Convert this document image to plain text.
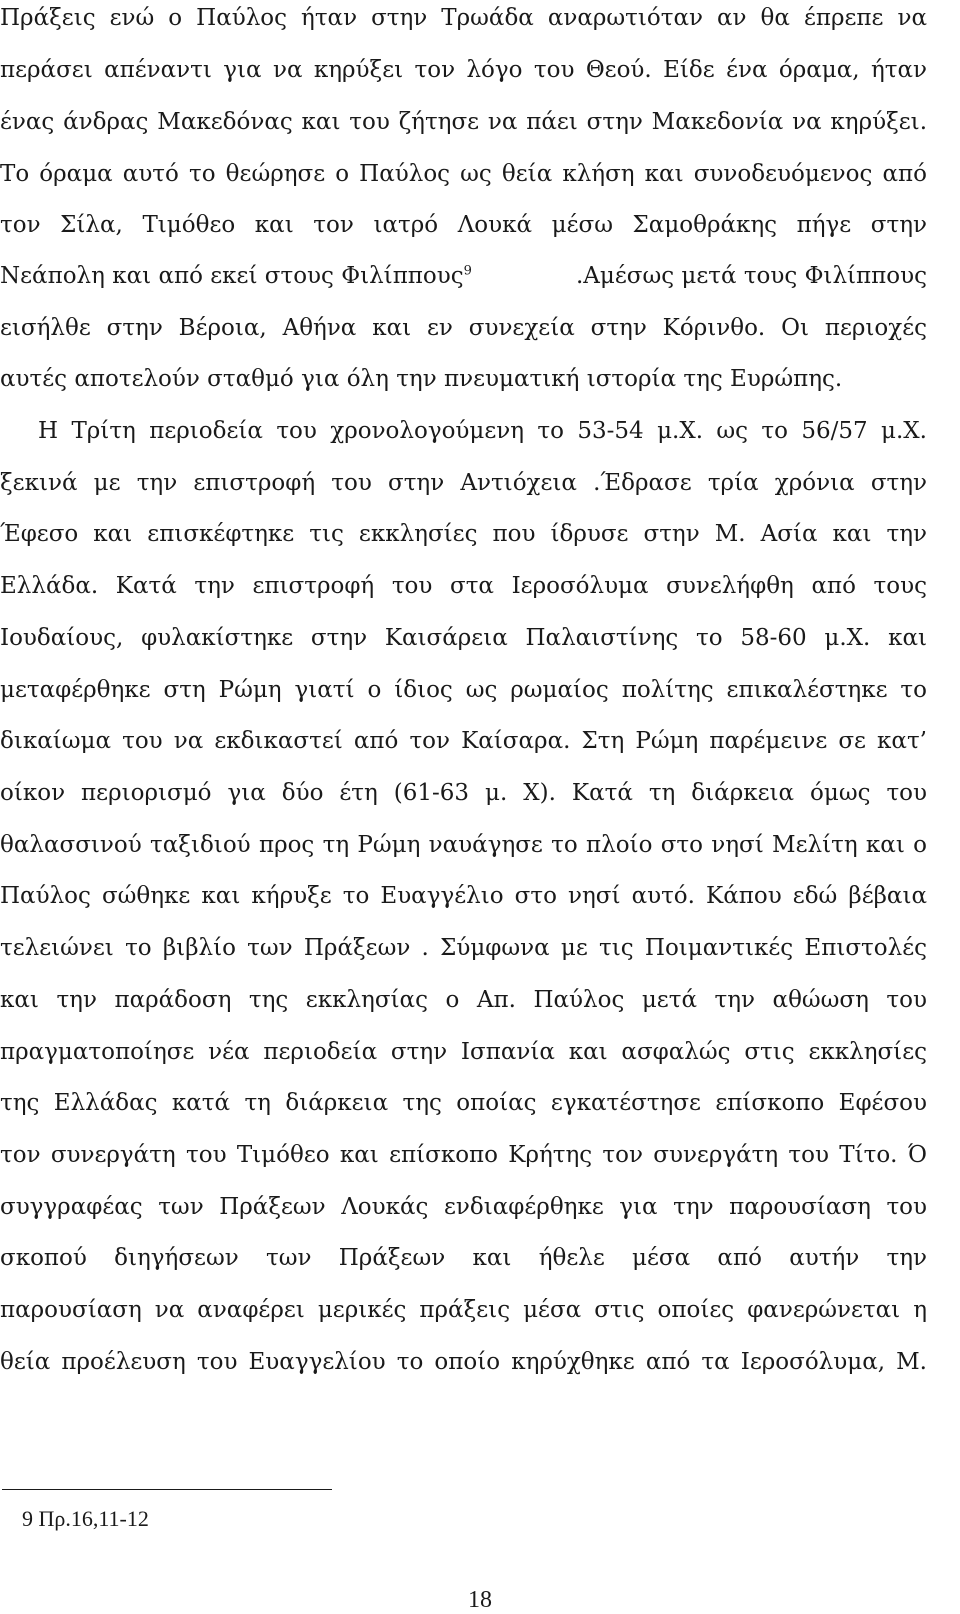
Πράξεις ενώ ο Παύλος ήταν στην Τρωάδα αναρωτιόταν αν θα έπρεπε να
περάσει απέναντι για να κηρύξει τον λόγο του Θεού. Είδε ένα όραμα, ήταν
ένας άνδρας Μακεδόνας και του ζήτησε να πάει στην Μακεδονία να κηρύξει.
Το όραμα αυτό το θεώρησε ο Παύλος ως θεία κλήση και συνοδευόμενος από
τον Σίλα, Τιμόθεο και τον ιατρό Λουκά μέσω Σαμοθράκης πήγε στην
Νεάπολη και από εκεί στους Φιλίππους$^9$	.Αμέσως μετά τους Φιλίππους
εισήλθε στην Βέροια, Αθήνα και εν συνεχεία στην Κόρινθο. Οι περιοχές
αυτές αποτελούν σταθμό για όλη την πνευματική ιστορία της Ευρώπης.
Η Τρίτη περιοδεία του χρονολογούμενη το 53-54 μ.Χ. ως το 56/57 μ.Χ.
ξεκινά με την επιστροφή του στην Αντιόχεια .Έδρασε τρία χρόνια στην
Έφεσο και επισκέφτηκε τις εκκλησίες που ίδρυσε στην Μ. Ασία και την
Ελλάδα. Κατά την επιστροφή του στα Ιεροσόλυμα συνελήφθη από τους
Ιουδαίους, φυλακίστηκε στην Καισάρεια Παλαιστίνης το 58-60 μ.Χ. και
μεταφέρθηκε στη Ρώμη γιατί ο ίδιος ως ρωμαίος πολίτης επικαλέστηκε το
δικαίωμα του να εκδικαστεί από τον Καίσαρα. Στη Ρώμη παρέμεινε σε κατ’
οίκον περιορισμό για δύο έτη (61-63 μ. Χ). Κατά τη διάρκεια όμως του
θαλασσινού ταξιδιού προς τη Ρώμη ναυάγησε το πλοίο στο νησί Μελίτη και ο
Παύλος σώθηκε και κήρυξε το Ευαγγέλιο στο νησί αυτό. Κάπου εδώ βέβαια
τελειώνει το βιβλίο των Πράξεων . Σύμφωνα με τις Ποιμαντικές Επιστολές
και την παράδοση της εκκλησίας ο Απ. Παύλος μετά την αθώωση του
πραγματοποίησε νέα περιοδεία στην Ισπανία και ασφαλώς στις εκκλησίες
της Ελλάδας κατά τη διάρκεια της οποίας εγκατέστησε επίσκοπο Εφέσου
τον συνεργάτη του Τιμόθεο και επίσκοπο Κρήτης τον συνεργάτη του Τίτο. Ό
συγγραφέας των Πράξεων Λουκάς ενδιαφέρθηκε για την παρουσίαση του
σκοπού διηγήσεων των Πράξεων και ήθελε μέσα από αυτήν την
παρουσίαση να αναφέρει μερικές πράξεις μέσα στις οποίες φανερώνεται η
θεία προέλευση του Ευαγγελίου το οποίο κηρύχθηκε από τα Ιεροσόλυμα, Μ.
9 Πρ.16,11-12
18
